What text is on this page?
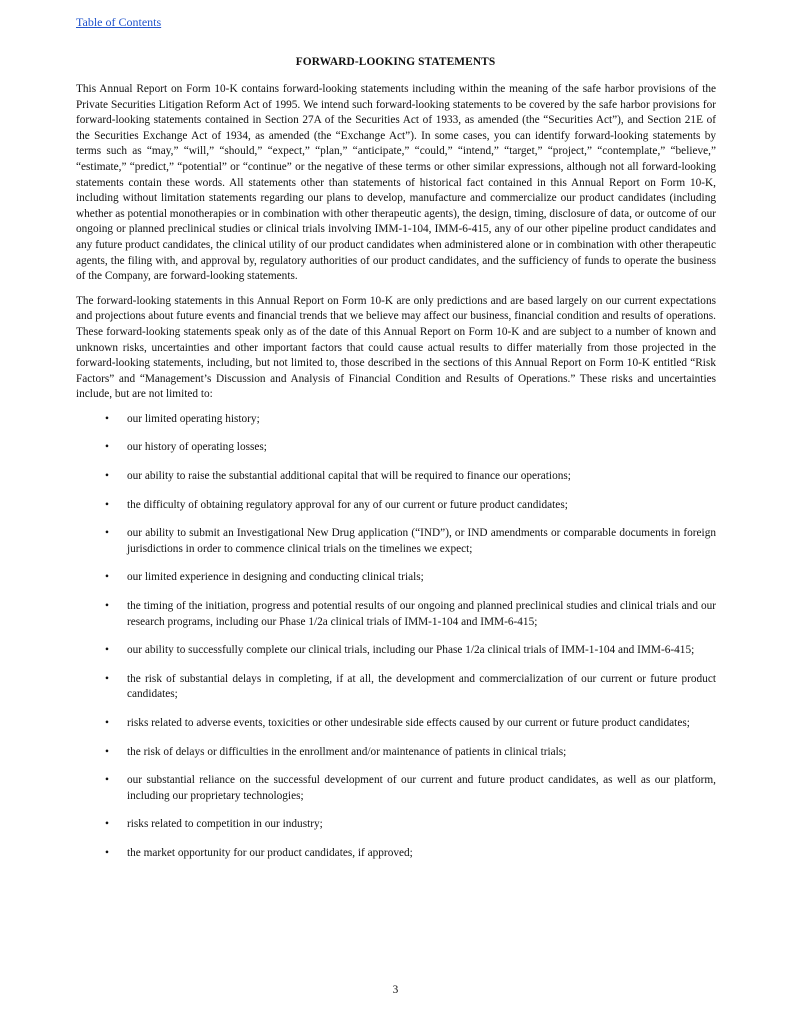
Table of Contents
FORWARD-LOOKING STATEMENTS

This Annual Report on Form 10-K contains forward-looking statements including within the meaning of the safe harbor provisions of the Private Securities Litigation Reform Act of 1995. We intend such forward-looking statements to be covered by the safe harbor provisions for forward-looking statements contained in Section 27A of the Securities Act of 1933, as amended (the “Securities Act”), and Section 21E of the Securities Exchange Act of 1934, as amended (the “Exchange Act”). In some cases, you can identify forward-looking statements by terms such as “may,” “will,” “should,” “expect,” “plan,” “anticipate,” “could,” “intend,” “target,” “project,” “contemplate,” “believe,” “estimate,” “predict,” “potential” or “continue” or the negative of these terms or other similar expressions, although not all forward-looking statements contain these words. All statements other than statements of historical fact contained in this Annual Report on Form 10-K, including without limitation statements regarding our plans to develop, manufacture and commercialize our product candidates (including whether as potential monotherapies or in combination with other therapeutic agents), the design, timing, disclosure of data, or outcome of our ongoing or planned preclinical studies or clinical trials involving IMM-1-104, IMM-6-415, any of our other pipeline product candidates and any future product candidates, the clinical utility of our product candidates when administered alone or in combination with other therapeutic agents, the filing with, and approval by, regulatory authorities of our product candidates, and the sufficiency of funds to operate the business of the Company, are forward-looking statements.

The forward-looking statements in this Annual Report on Form 10-K are only predictions and are based largely on our current expectations and projections about future events and financial trends that we believe may affect our business, financial condition and results of operations. These forward-looking statements speak only as of the date of this Annual Report on Form 10-K and are subject to a number of known and unknown risks, uncertainties and other important factors that could cause actual results to differ materially from those projected in the forward-looking statements, including, but not limited to, those described in the sections of this Annual Report on Form 10-K entitled “Risk Factors” and “Management’s Discussion and Analysis of Financial Condition and Results of Operations.” These risks and uncertainties include, but are not limited to:

• our limited operating history;
• our history of operating losses;
• our ability to raise the substantial additional capital that will be required to finance our operations;
• the difficulty of obtaining regulatory approval for any of our current or future product candidates;
• our ability to submit an Investigational New Drug application (“IND”), or IND amendments or comparable documents in foreign jurisdictions in order to commence clinical trials on the timelines we expect;
• our limited experience in designing and conducting clinical trials;
• the timing of the initiation, progress and potential results of our ongoing and planned preclinical studies and clinical trials and our research programs, including our Phase 1/2a clinical trials of IMM-1-104 and IMM-6-415;
• our ability to successfully complete our clinical trials, including our Phase 1/2a clinical trials of IMM-1-104 and IMM-6-415;
• the risk of substantial delays in completing, if at all, the development and commercialization of our current or future product candidates;
• risks related to adverse events, toxicities or other undesirable side effects caused by our current or future product candidates;
• the risk of delays or difficulties in the enrollment and/or maintenance of patients in clinical trials;
• our substantial reliance on the successful development of our current and future product candidates, as well as our platform, including our proprietary technologies;
• risks related to competition in our industry;
• the market opportunity for our product candidates, if approved;
3
